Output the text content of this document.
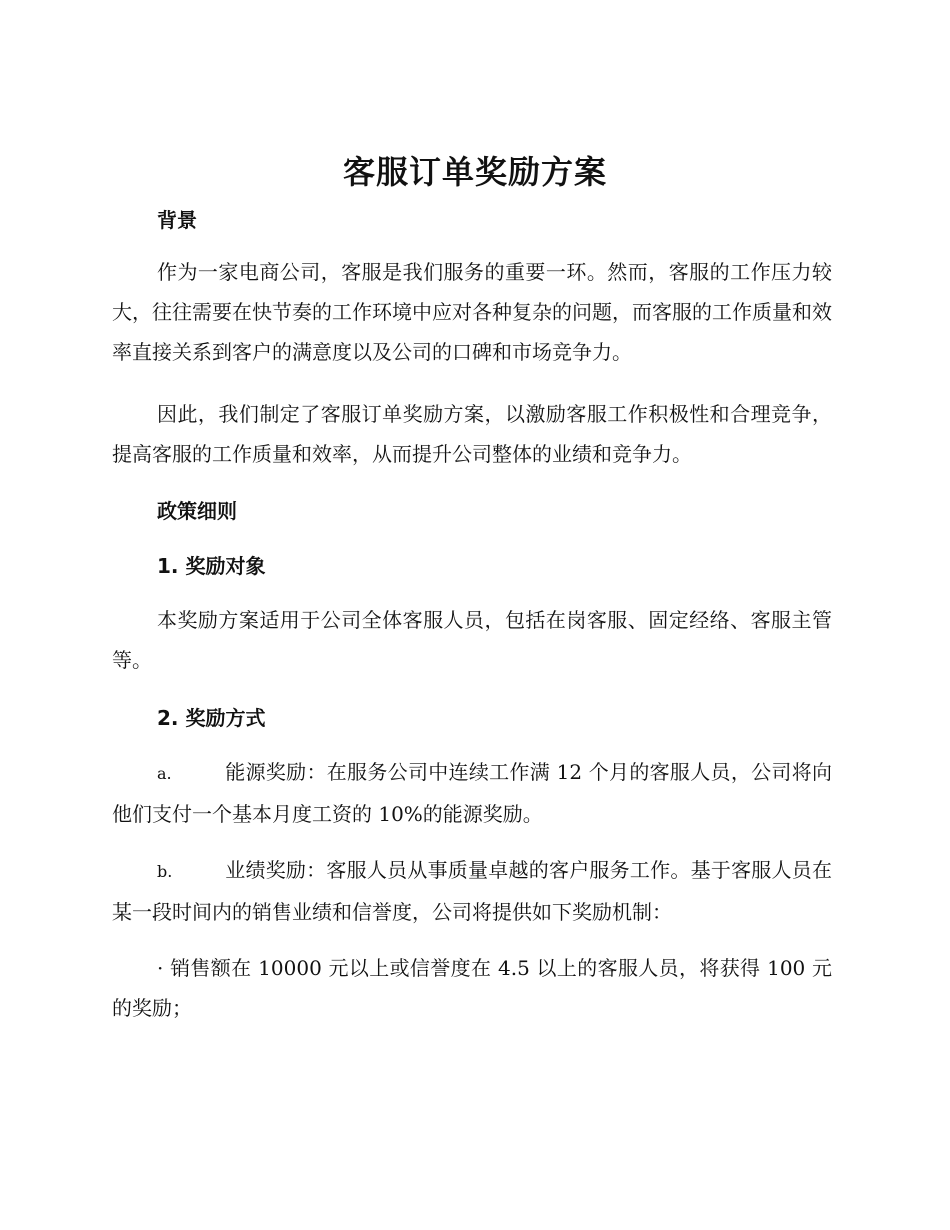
客服订单奖励方案
背景

作为一家电商公司，客服是我们服务的重要一环。然而，客服的工作压力较大，往往需要在快节奏的工作环境中应对各种复杂的问题，而客服的工作质量和效率直接关系到客户的满意度以及公司的口碑和市场竞争力。

因此，我们制定了客服订单奖励方案，以激励客服工作积极性和合理竞争，提高客服的工作质量和效率，从而提升公司整体的业绩和竞争力。

政策细则
1. 奖励对象

本奖励方案适用于公司全体客服人员，包括在岗客服、固定经络、客服主管等。

2. 奖励方式

a.	能源奖励：在服务公司中连续工作满 12 个月的客服人员，公司将向他们支付一个基本月度工资的 10%的能源奖励。

b.	业绩奖励：客服人员从事质量卓越的客户服务工作。基于客服人员在某一段时间内的销售业绩和信誉度，公司将提供如下奖励机制：

· 销售额在 10000 元以上或信誉度在 4.5 以上的客服人员，将获得 100 元的奖励；
